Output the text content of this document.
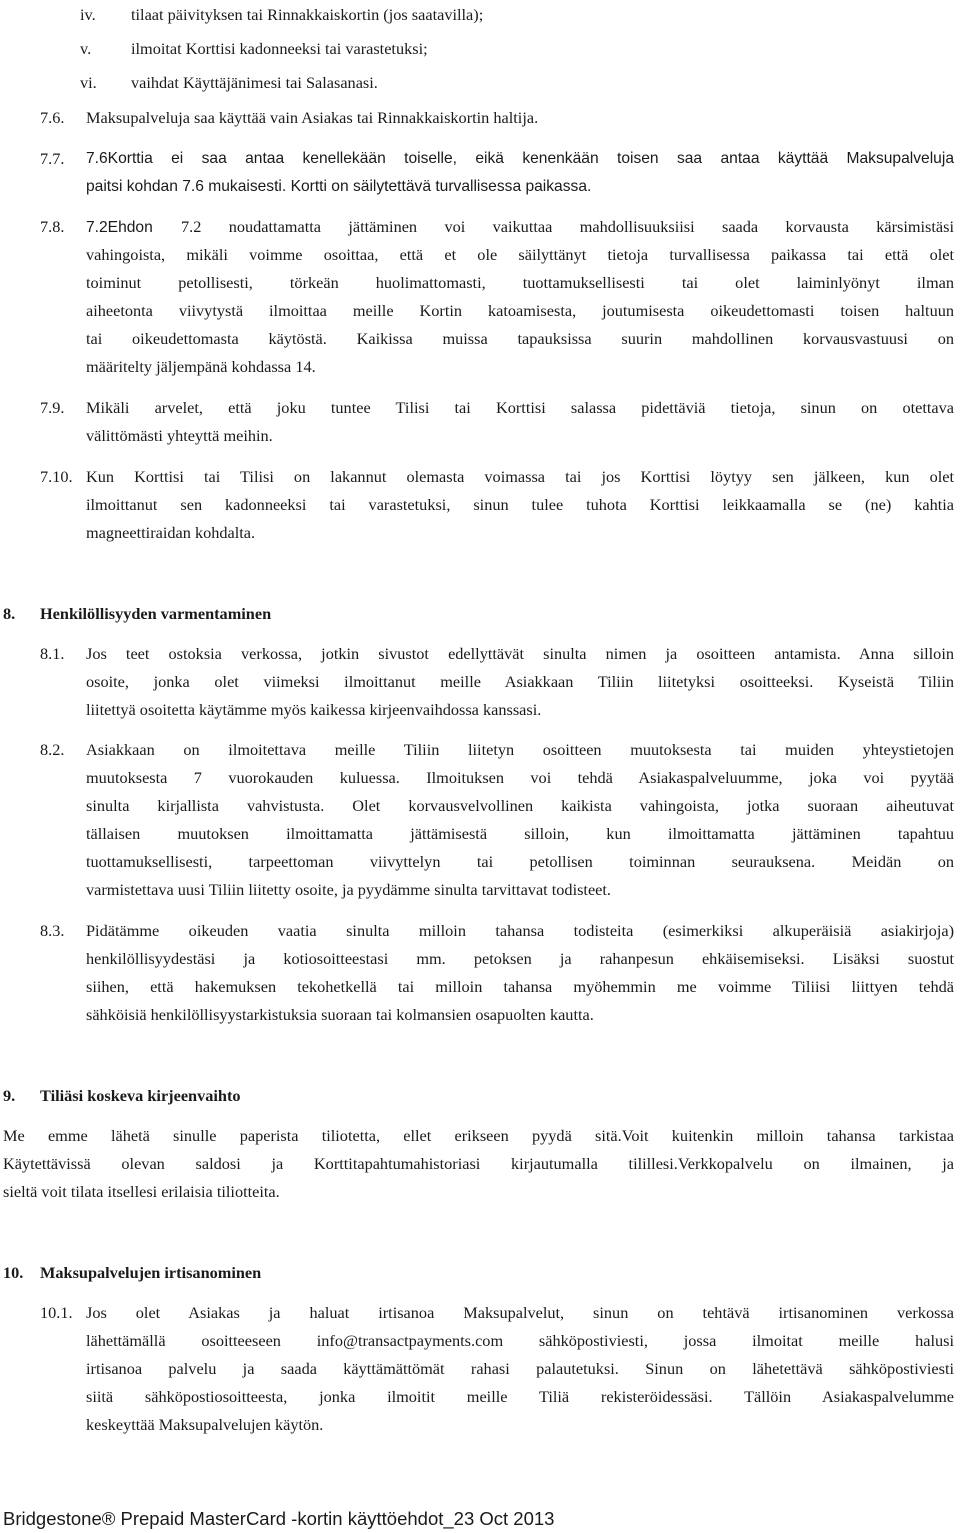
iv. tilaat päivityksen tai Rinnakkaiskortin (jos saatavilla);
v. ilmoitat Korttisi kadonneeksi tai varastetuksi;
vi. vaihdat Käyttäjänimesi tai Salasanasi.
7.6. Maksupalveluja saa käyttää vain Asiakas tai Rinnakkaiskortin haltija.
7.7. 7.6Korttia ei saa antaa kenellekään toiselle, eikä kenenkään toisen saa antaa käyttää Maksupalveluja
paitsi kohdan 7.6 mukaisesti. Kortti on säilytettävä turvallisessa paikassa.
7.8. 7.2Ehdon 7.2 noudattamatta jättäminen voi vaikuttaa mahdollisuuksiisi saada korvausta kärsimistäsi
vahingoista, mikäli voimme osoittaa, että et ole säilyttänyt tietoja turvallisessa paikassa tai että olet
toiminut petollisesti, törkeän huolimattomasti, tuottamuksellisesti tai olet laiminlyönyt ilman
aiheetonta viivytystä ilmoittaa meille Kortin katoamisesta, joutumisesta oikeudettomasti toisen haltuun
tai oikeudettomasta käytöstä. Kaikissa muissa tapauksissa suurin mahdollinen korvausvastuusi on
määritelty jäljempänä kohdassa 14.
7.9. Mikäli arvelet, että joku tuntee Tilisi tai Korttisi salassa pidettäviä tietoja, sinun on otettava
välittömästi yhteyttä meihin.
7.10. Kun Korttisi tai Tilisi on lakannut olemasta voimassa tai jos Korttisi löytyy sen jälkeen, kun olet
ilmoittanut sen kadonneeksi tai varastetuksi, sinun tulee tuhota Korttisi leikkaamalla se (ne) kahtia
magneettiraidan kohdalta.
8. Henkilöllisyyden varmentaminen
8.1. Jos teet ostoksia verkossa, jotkin sivustot edellyttävät sinulta nimen ja osoitteen antamista. Anna silloin
osoite, jonka olet viimeksi ilmoittanut meille Asiakkaan Tiliin liitetyksi osoitteeksi. Kyseistä Tiliin
liitettyä osoitetta käytämme myös kaikessa kirjeenvaihdossa kanssasi.
8.2. Asiakkaan on ilmoitettava meille Tiliin liitetyn osoitteen muutoksesta tai muiden yhteystietojen
muutoksesta 7 vuorokauden kuluessa. Ilmoituksen voi tehdä Asiakaspalveluumme, joka voi pyytää
sinulta kirjallista vahvistusta. Olet korvausvelvollinen kaikista vahingoista, jotka suoraan aiheutuvat
tällaisen muutoksen ilmoittamatta jättämisestä silloin, kun ilmoittamatta jättäminen tapahtuu
tuottamuksellisesti, tarpeettoman viivyttelyn tai petollisen toiminnan seurauksena. Meidän on
varmistettava uusi Tiliin liitetty osoite, ja pyydämme sinulta tarvittavat todisteet.
8.3. Pidätämme oikeuden vaatia sinulta milloin tahansa todisteita (esimerkiksi alkuperäisiä asiakirjoja)
henkilöllisyydestäsi ja kotiosoitteestasi mm. petoksen ja rahanpesun ehkäisemiseksi. Lisäksi suostut
siihen, että hakemuksen tekohetkellä tai milloin tahansa myöhemmin me voimme Tiliisi liittyen tehdä
sähköisiä henkilöllisyystarkistuksia suoraan tai kolmansien osapuolten kautta.
9. Tiliäsi koskeva kirjeenvaihto
Me emme lähetä sinulle paperista tiliotetta, ellet erikseen pyydä sitä.Voit kuitenkin milloin tahansa tarkistaa
Käytettävissä olevan saldosi ja Korttitapahtumahistoriasi kirjautumalla tilillesi.Verkkopalvelu on ilmainen, ja
sieltä voit tilata itsellesi erilaisia tiliotteita.
10. Maksupalvelujen irtisanominen
10.1. Jos olet Asiakas ja haluat irtisanoa Maksupalvelut, sinun on tehtävä irtisanominen verkossa
lähettämällä osoitteeseen info@transactpayments.com sähköpostiviesti, jossa ilmoitat meille halusi
irtisanoa palvelu ja saada käyttämättömät rahasi palautetuksi. Sinun on lähetettävä sähköpostiviesti
siitä sähköpostiosoitteesta, jonka ilmoitit meille Tiliä rekisteröidessäsi. Tällöin Asiakaspalvelumme
keskeyttää Maksupalvelujen käytön.
Bridgestone® Prepaid MasterCard -kortin käyttöehdot_23 Oct 2013
